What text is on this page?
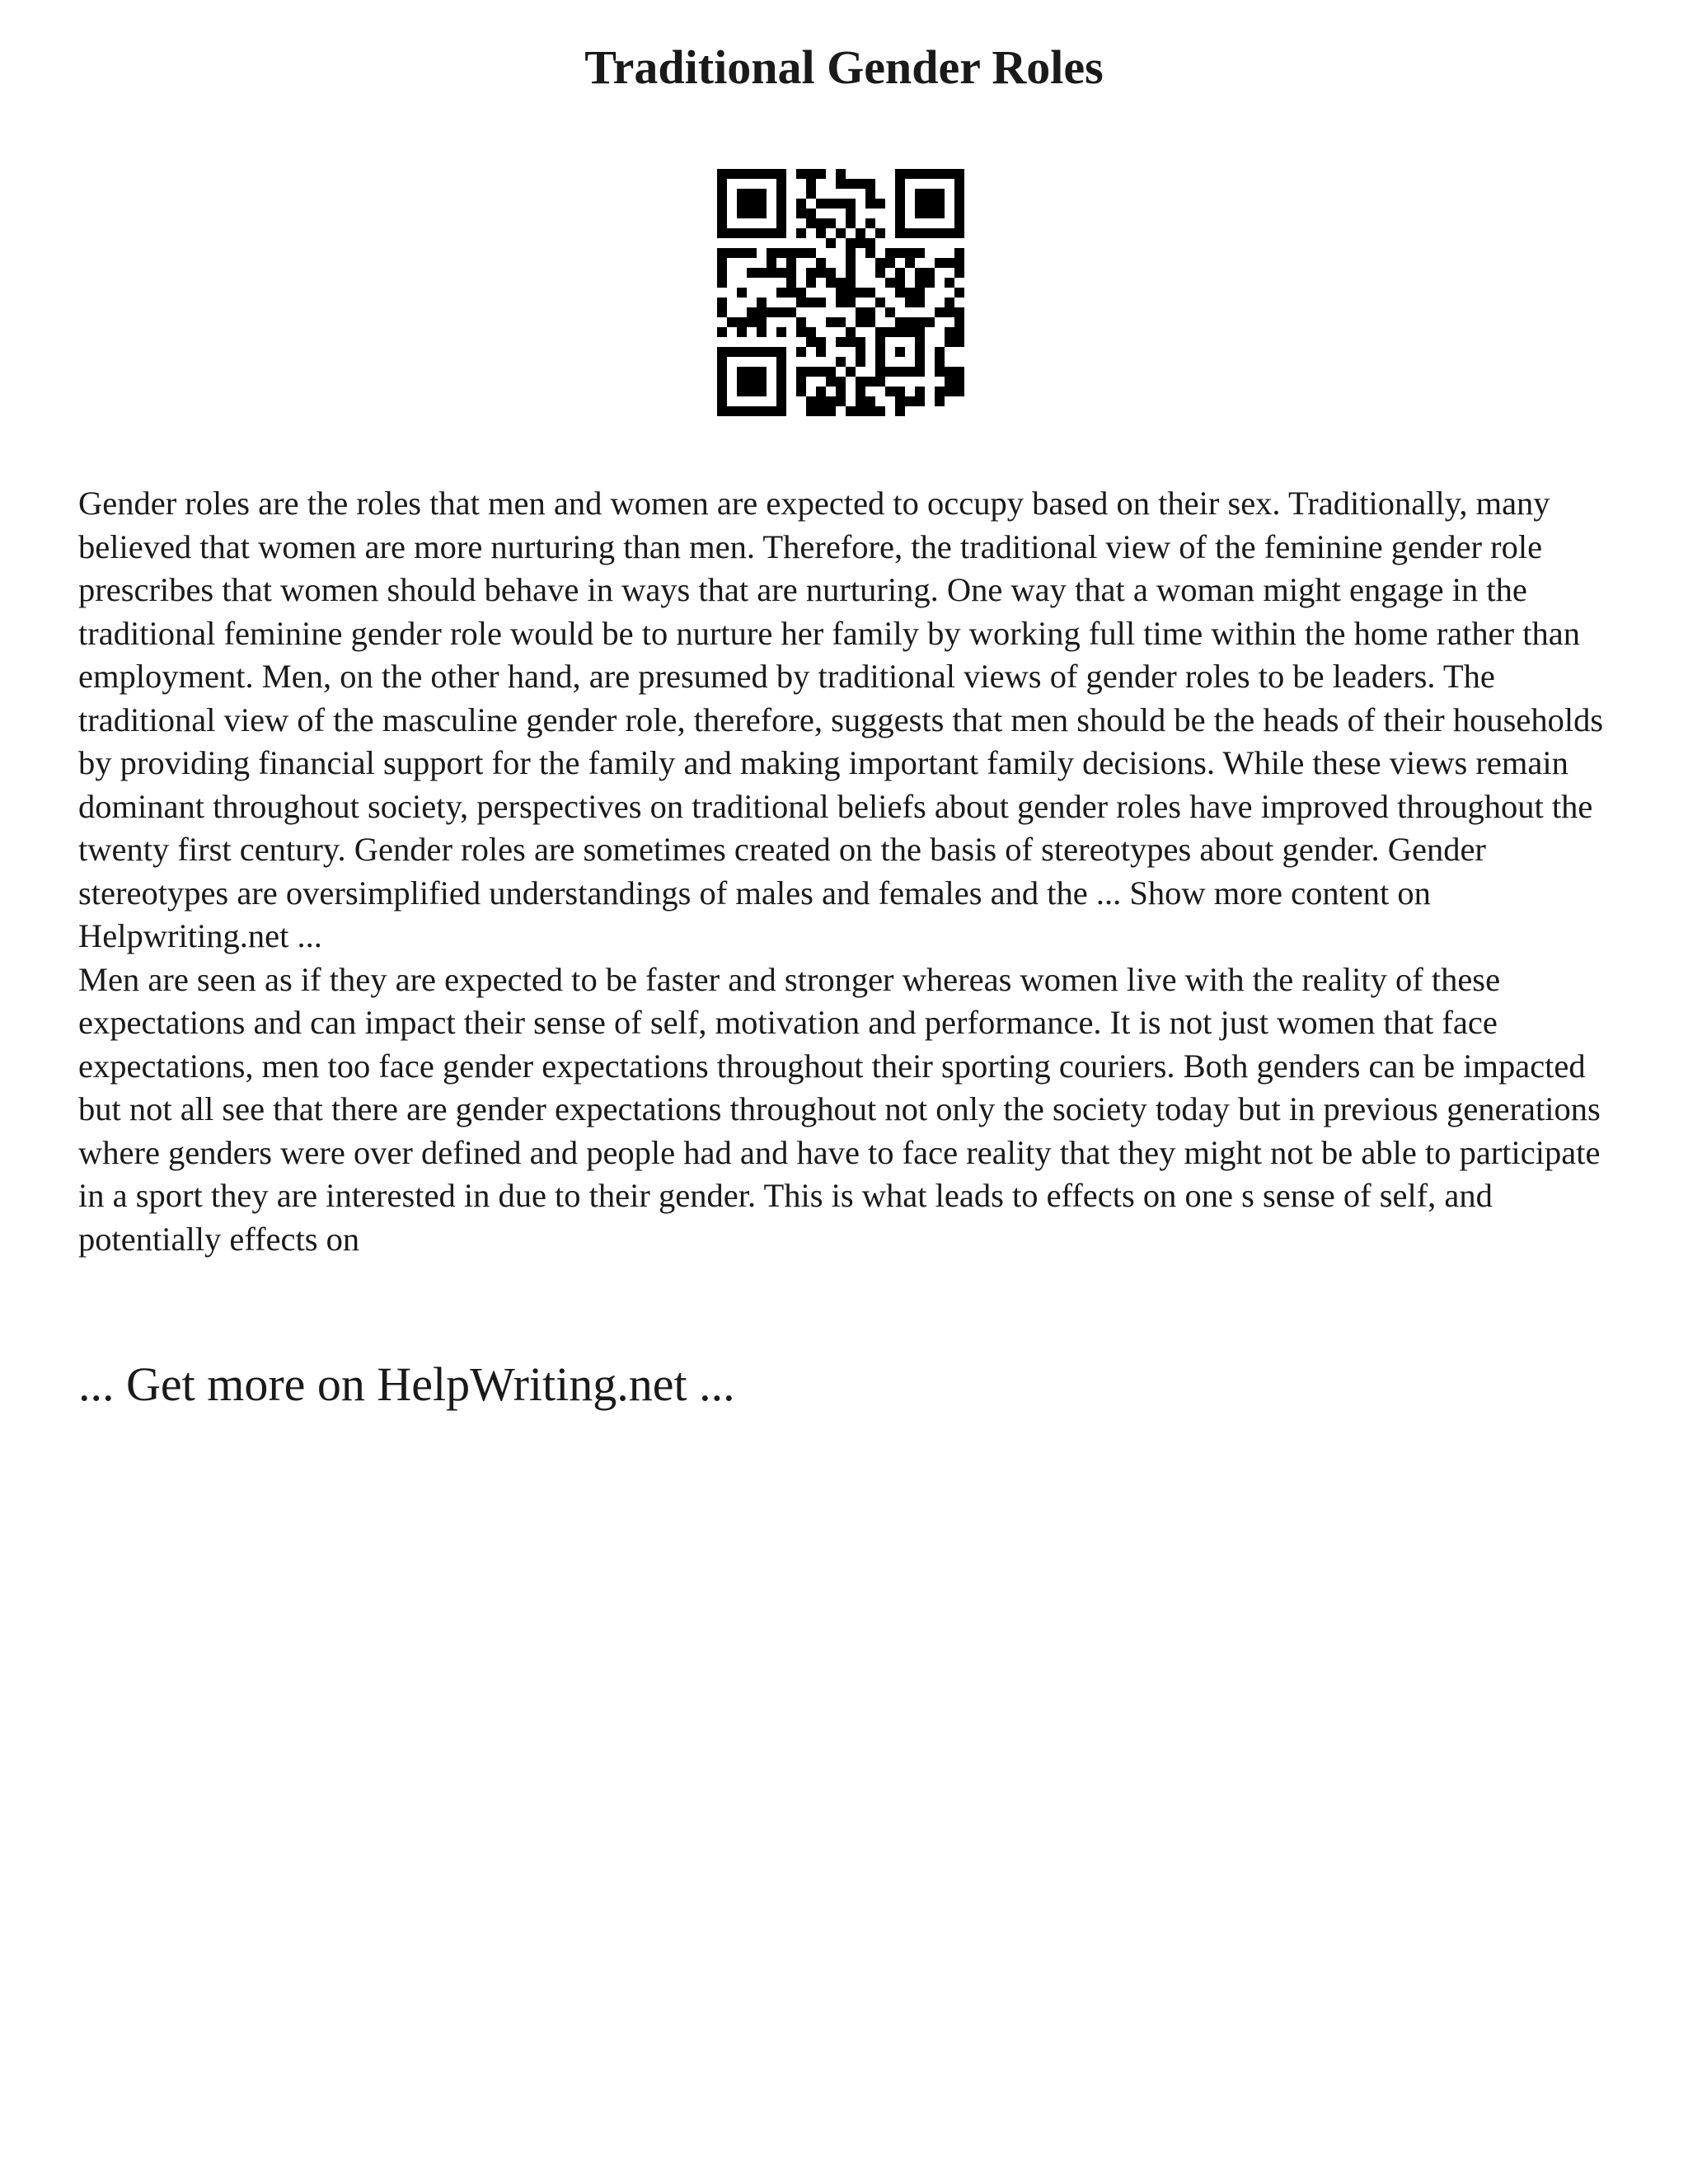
Traditional Gender Roles

Gender roles are the roles that men and women are expected to occupy based on their sex. Traditionally, many believed that women are more nurturing than men. Therefore, the traditional view of the feminine gender role prescribes that women should behave in ways that are nurturing. One way that a woman might engage in the traditional feminine gender role would be to nurture her family by working full time within the home rather than employment. Men, on the other hand, are presumed by traditional views of gender roles to be leaders. The traditional view of the masculine gender role, therefore, suggests that men should be the heads of their households by providing financial support for the family and making important family decisions. While these views remain dominant throughout society, perspectives on traditional beliefs about gender roles have improved throughout the twenty first century. Gender roles are sometimes created on the basis of stereotypes about gender. Gender stereotypes are oversimplified understandings of males and females and the ... Show more content on Helpwriting.net ...

Men are seen as if they are expected to be faster and stronger whereas women live with the reality of these expectations and can impact their sense of self, motivation and performance. It is not just women that face expectations, men too face gender expectations throughout their sporting couriers. Both genders can be impacted but not all see that there are gender expectations throughout not only the society today but in previous generations where genders were over defined and people had and have to face reality that they might not be able to participate in a sport they are interested in due to their gender. This is what leads to effects on one s sense of self, and potentially effects on

... Get more on HelpWriting.net ...
